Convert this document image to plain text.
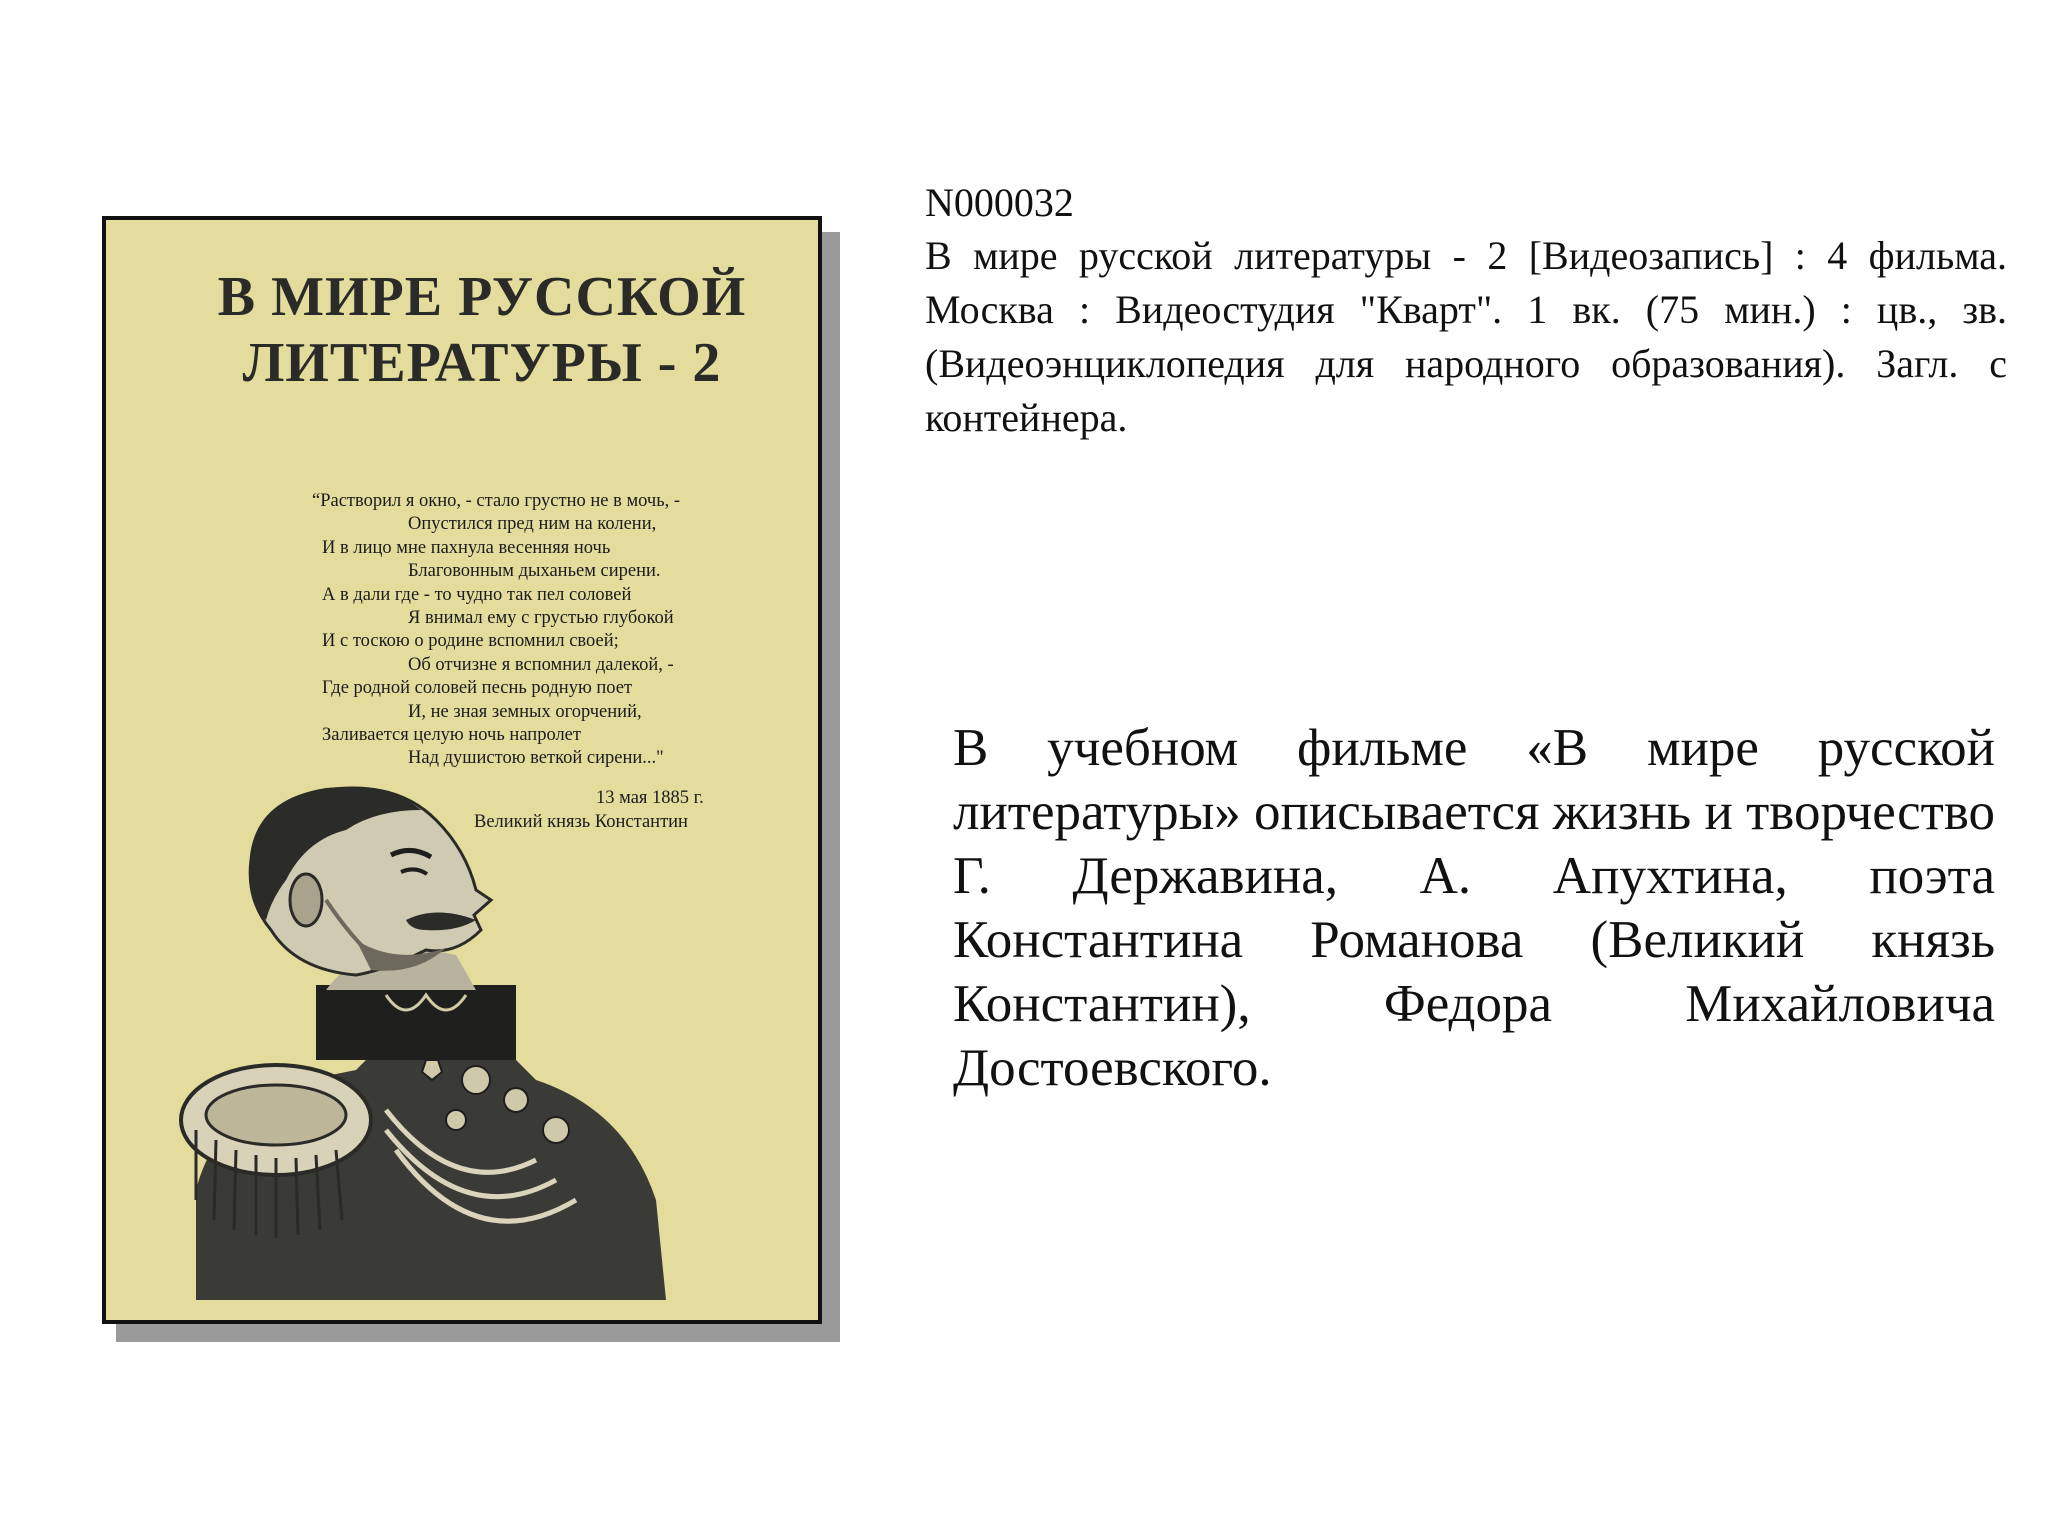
В МИРЕ РУССКОЙ
ЛИТЕРАТУРЫ - 2
“Растворил я окно, - стало грустно не в мочь, -
Опустился пред ним на колени,
И в лицо мне пахнула весенняя ночь
Благовонным дыханьем сирени.
А в дали где - то чудно так пел соловей
Я внимал ему с грустью глубокой
И с тоскою о родине вспомнил своей;
Об отчизне я вспомнил далекой, -
Где родной соловей песнь родную поет
И, не зная земных огорчений,
Заливается целую ночь напролет
Над душистою веткой сирени..."
13 мая 1885 г.
Великий князь Константин
N000032

В мире русской литературы - 2 [Видеозапись] : 4 фильма. Москва : Видеостудия "Кварт". 1 вк. (75 мин.) : цв., зв. (Видеоэнциклопедия для народного образования). Загл. с контейнера.

В учебном фильме «В мире русской литературы» описывается жизнь и творчество Г. Державина, А. Апухтина, поэта Константина Романова (Великий князь Константин), Федора Михайловича Достоевского.
